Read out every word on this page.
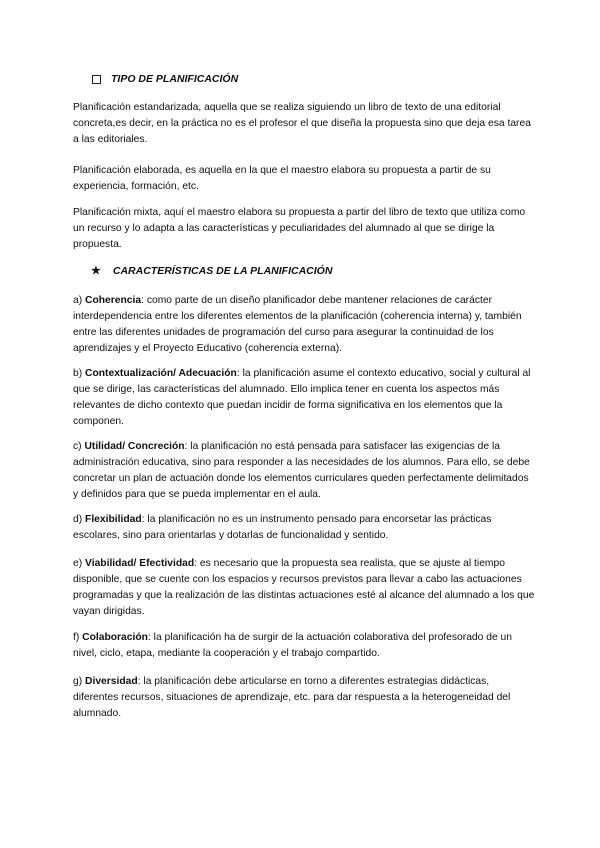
TIPO DE PLANIFICACIÓN

Planificación estandarizada, aquella que se realiza siguiendo un libro de texto de una editorial concreta,es decir, en la práctica no es el profesor el que diseña la propuesta sino que deja esa tarea a las editoriales.

Planificación elaborada, es aquella en la que el maestro elabora su propuesta a partir de su experiencia, formación, etc.

Planificación mixta, aquí el maestro elabora su propuesta a partir del libro de texto que utiliza como un recurso y lo adapta a las características y peculiaridades del alumnado al que se dirige la propuesta.

★ CARACTERÍSTICAS DE LA PLANIFICACIÓN

a) Coherencia: como parte de un diseño planificador debe mantener relaciones de carácter interdependencia entre los diferentes elementos de la planificación (coherencia interna) y, también entre las diferentes unidades de programación del curso para asegurar la continuidad de los aprendizajes y el Proyecto Educativo (coherencia externa).

b) Contextualización/ Adecuación: la planificación asume el contexto educativo, social y cultural al que se dirige, las características del alumnado. Ello implica tener en cuenta los aspectos más relevantes de dicho contexto que puedan incidir de forma significativa en los elementos que la componen.

c) Utilidad/ Concreción: la planificación no está pensada para satisfacer las exigencias de la administración educativa, sino para responder a las necesidades de los alumnos. Para ello, se debe concretar un plan de actuación donde los elementos curriculares queden perfectamente delimitados y definidos para que se pueda implementar en el aula.

d) Flexibilidad: la planificación no es un instrumento pensado para encorsetar las prácticas escolares, sino para orientarlas y dotarlas de funcionalidad y sentido.

e) Viabilidad/ Efectividad: es necesario que la propuesta sea realista, que se ajuste al tiempo disponible, que se cuente con los espacios y recursos previstos para llevar a cabo las actuaciones programadas y que la realización de las distintas actuaciones esté al alcance del alumnado a los que vayan dirigidas.

f) Colaboración: la planificación ha de surgir de la actuación colaborativa del profesorado de un nivel, ciclo, etapa, mediante la cooperación y el trabajo compartido.

g) Diversidad: la planificación debe articularse en torno a diferentes estrategias didácticas, diferentes recursos, situaciones de aprendizaje, etc. para dar respuesta a la heterogeneidad del alumnado.
